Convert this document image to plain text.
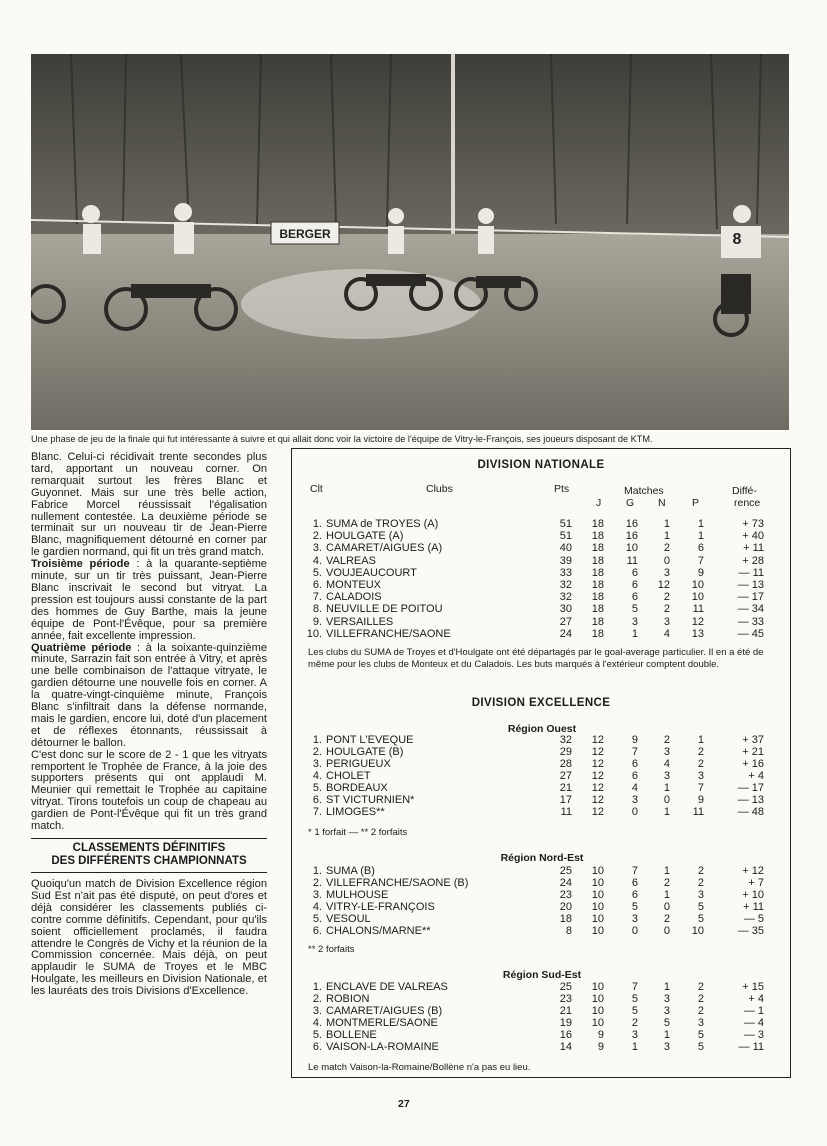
BERGER	8
Une phase de jeu de la finale qui fut intéressante à suivre et qui allait donc voir la victoire de l'équipe de Vitry-le-François, ses joueurs disposant de KTM.

Blanc. Celui-ci récidivait trente secondes plus tard, apportant un nouveau corner. On remarquait surtout les frères Blanc et Guyonnet. Mais sur une très belle action, Fabrice Morcel réussissait l'égalisation nullement contestée. La deuxième période se terminait sur un nouveau tir de Jean-Pierre Blanc, magnifiquement détourné en corner par le gardien normand, qui fit un très grand match.

Troisième période : à la quarante-septième minute, sur un tir très puissant, Jean-Pierre Blanc inscrivait le second but vitryat. La pression est toujours aussi constante de la part des hommes de Guy Barthe, mais la jeune équipe de Pont-l'Évêque, pour sa première année, fait excellente impression.

Quatrième période : à la soixante-quinzième minute, Sarrazin fait son entrée à Vitry, et après une belle combinaison de l'attaque vitryate, le gardien détourne une nouvelle fois en corner. A la quatre-vingt-cinquième minute, François Blanc s'infiltrait dans la défense normande, mais le gardien, encore lui, doté d'un placement et de réflexes étonnants, réussissait à détourner le ballon.

C'est donc sur le score de 2 - 1 que les vitryats remportent le Trophée de France, à la joie des supporters présents qui ont applaudi M. Meunier qui remettait le Trophée au capitaine vitryat. Tirons toutefois un coup de chapeau au gardien de Pont-l'Évêque qui fit un très grand match.

CLASSEMENTS DÉFINITIFS
DES DIFFÉRENTS CHAMPIONNATS

Quoiqu'un match de Division Excellence région Sud Est n'ait pas été disputé, on peut d'ores et déjà considérer les classements publiés ci-contre comme définitifs. Cependant, pour qu'ils soient officiellement proclamés, il faudra attendre le Congrès de Vichy et la réunion de la Commission concernée. Mais déjà, on peut applaudir le SUMA de Troyes et le MBC Houlgate, les meilleurs en Division Nationale, et les lauréats des trois Divisions d'Excellence.

DIVISION NATIONALE
Clt	Clubs	Pts	Matches
J G N	P
Diffé-
rence
1. SUMA de TROYES (A)	51	18	16	1	1	+ 73
2. HOULGATE (A)	51	18	16	1	1	+ 40
3. CAMARET/AIGUES (A)	40	18	10	2	6	+ 11
4. VALREAS	39	18	11	0	7	+ 28
5. VOUJEAUCOURT	33	18	6	3	9	— 11
6. MONTEUX	32	18	6	12	10	— 13
7. CALADOIS	32	18	6	2	10	— 17
8. NEUVILLE DE POITOU	30	18	5	2	11	— 34
9. VERSAILLES	27	18	3	3	12	— 33
10. VILLEFRANCHE/SAONE	24	18	1	4	13	— 45
Les clubs du SUMA de Troyes et d'Houlgate ont été départagés par le goal-average particulier. Il en a été de même pour les clubs de Monteux et du Caladois. Les buts marqués à l'extérieur comptent double.
DIVISION EXCELLENCE
Région Ouest
1. PONT L'EVEQUE	32	12	9	2	1	+ 37
2. HOULGATE (B)	29	12	7	3	2	+ 21
3. PERIGUEUX	28	12	6	4	2	+ 16
4. CHOLET	27	12	6	3	3	+ 4
5. BORDEAUX	21	12	4	1	7	— 17
6. ST VICTURNIEN*	17	12	3	0	9	— 13
7. LIMOGES**	11	12	0	1	11	— 48
* 1 forfait — ** 2 forfaits
Région Nord-Est
1. SUMA (B)	25	10	7	1	2	+ 12
2. VILLEFRANCHE/SAONE (B)	24	10	6	2	2	+ 7
3. MULHOUSE	23	10	6	1	3	+ 10
4. VITRY-LE-FRANÇOIS	20	10	5	0	5	+ 11
5. VESOUL	18	10	3	2	5	— 5
6. CHALONS/MARNE**	8	10	0	0	10	— 35
** 2 forfaits
Région Sud-Est
1. ENCLAVE DE VALREAS	25	10	7	1	2	+ 15
2. ROBION	23	10	5	3	2	+ 4
3. CAMARET/AIGUES (B)	21	10	5	3	2	— 1
4. MONTMERLE/SAONE	19	10	2	5	3	— 4
5. BOLLENE	16	9	3	1	5	— 3
6. VAISON-LA-ROMAINE	14	9	1	3	5	— 11
Le match Vaison-la-Romaine/Bollène n'a pas eu lieu.
27
